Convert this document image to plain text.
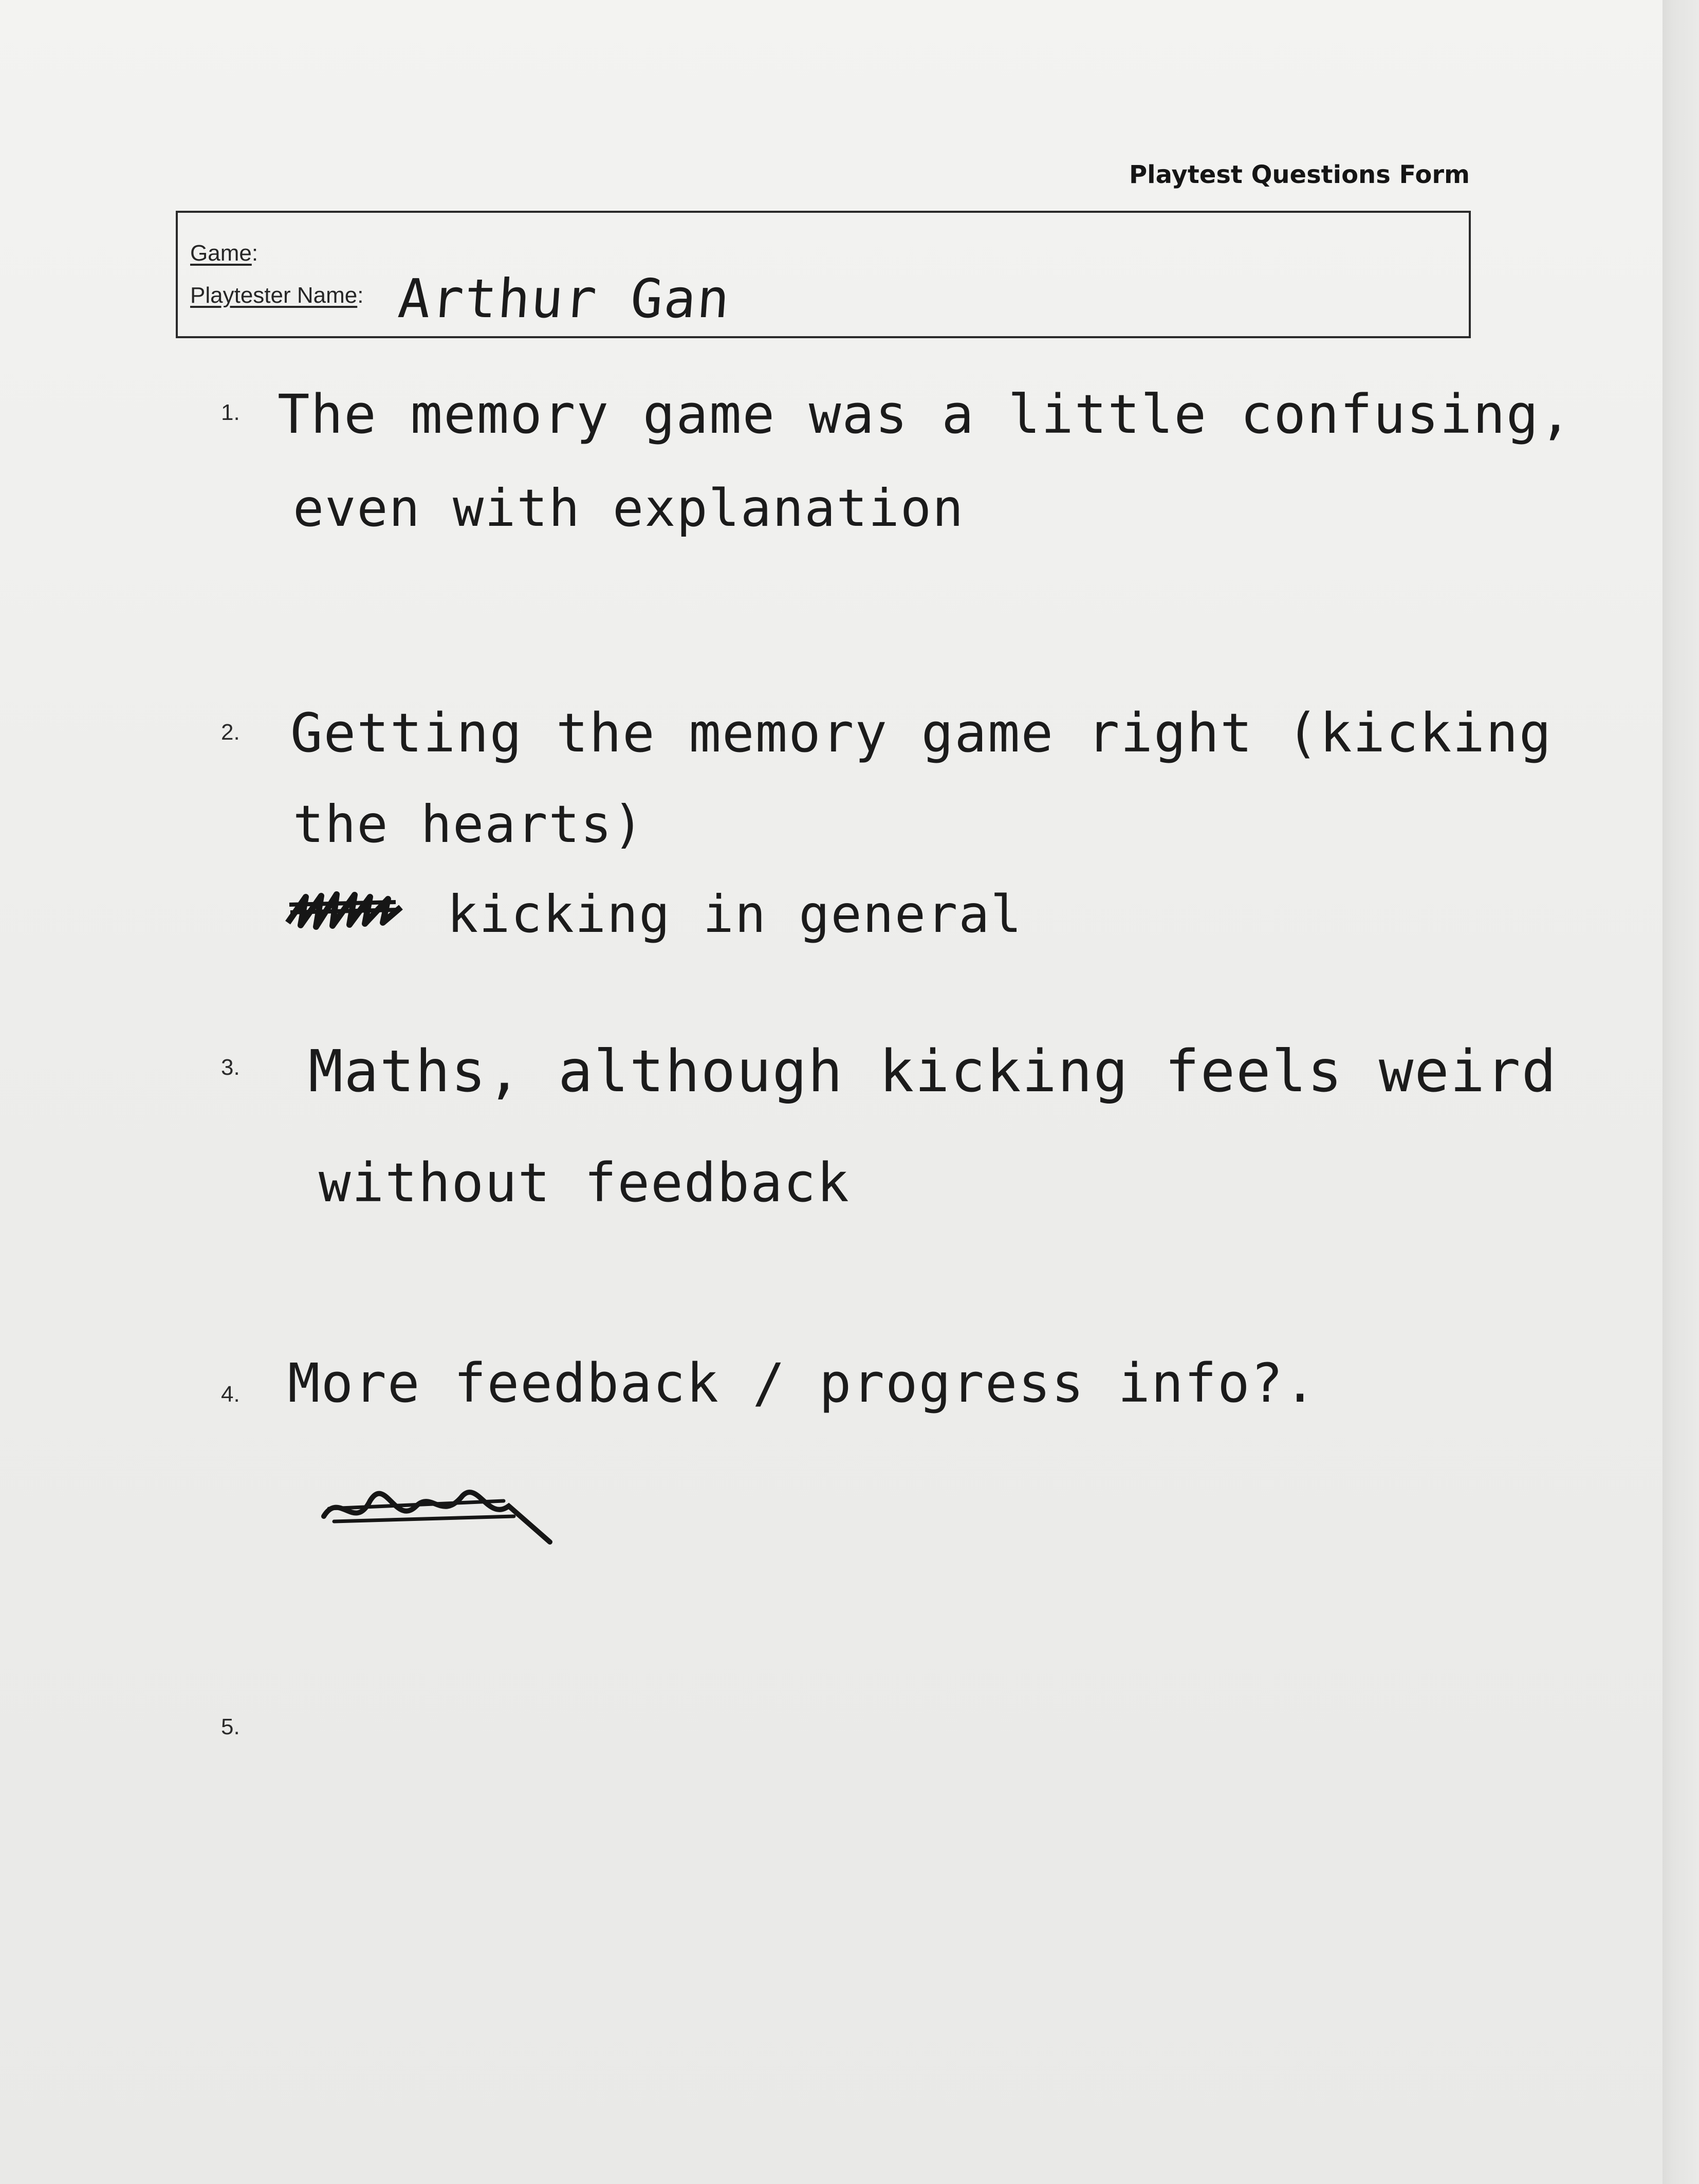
Playtest Questions Form
Game:
Playtester Name: Arthur Gan
1. The memory game was a little confusing,
even with explanation
2. Getting the memory game right (kicking
the hearts)
kicking in general
3. Maths, although kicking feels weird
without feedback
4. More feedback / progress info?.
5.
